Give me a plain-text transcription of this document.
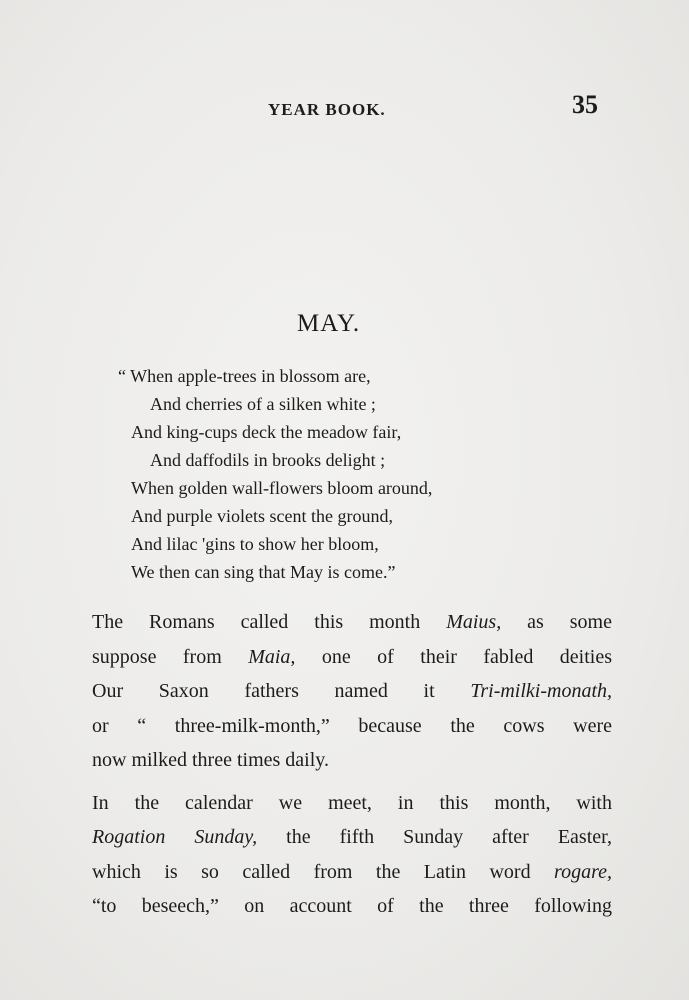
YEAR BOOK.	35
MAY.
“ When apple-trees in blossom are,
And cherries of a silken white ;
And king-cups deck the meadow fair,
And daffodils in brooks delight ;
When golden wall-flowers bloom around,
And purple violets scent the ground,
And lilac 'gins to show her bloom,
We then can sing that May is come.”

The Romans called this month Maius, as some
suppose from Maia, one of their fabled deities
Our Saxon fathers named it Tri-milki-monath,
or “ three-milk-month,” because the cows were
now milked three times daily.

In the calendar we meet, in this month, with
Rogation Sunday, the fifth Sunday after Easter,
which is so called from the Latin word rogare,
“to beseech,” on account of the three following
